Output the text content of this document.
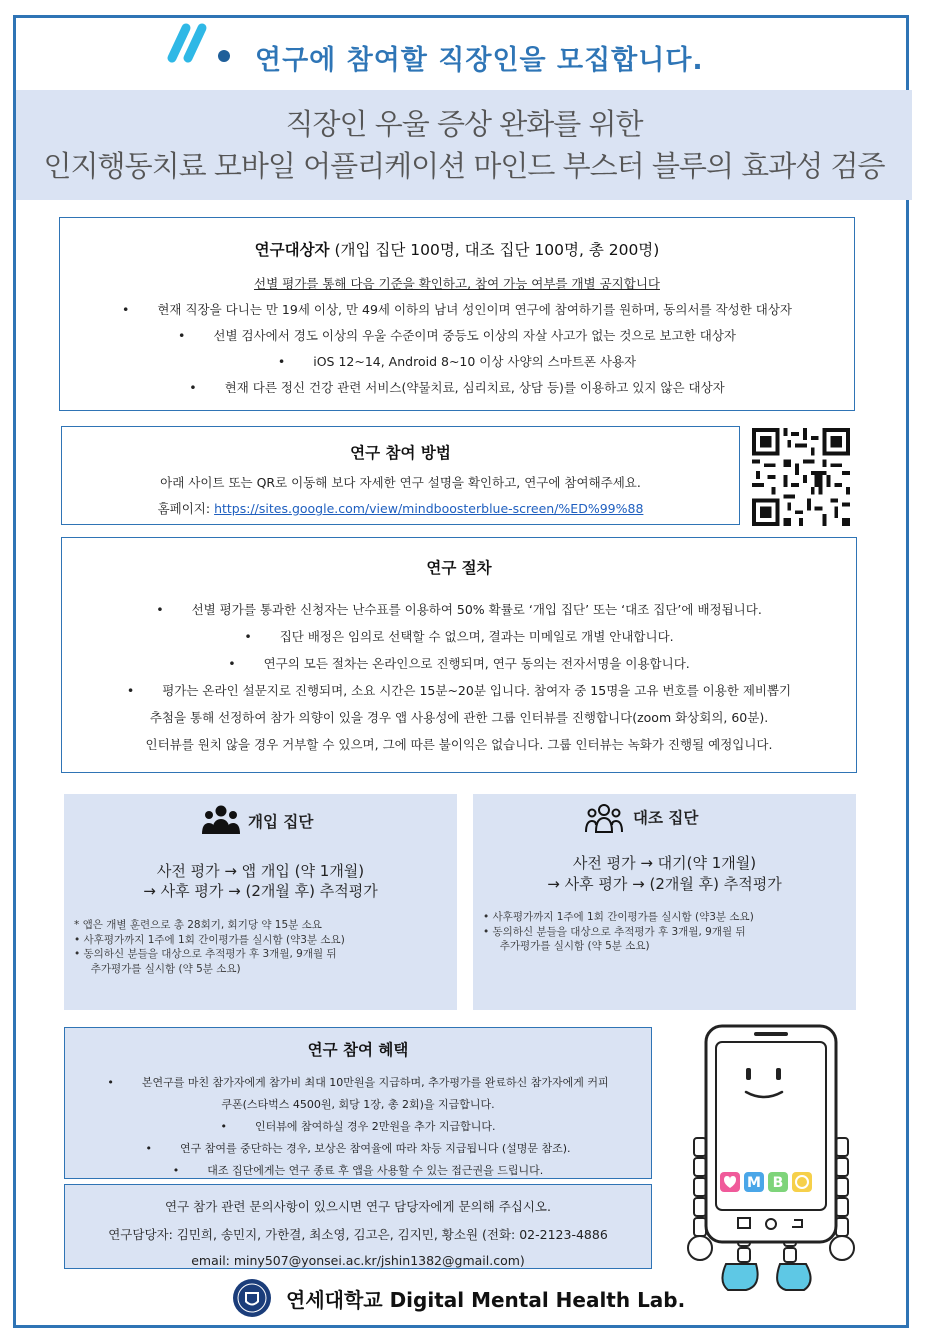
연구에 참여할 직장인을 모집합니다.
직장인 우울 증상 완화를 위한
인지행동치료 모바일 어플리케이션 마인드 부스터 블루의 효과성 검증
연구대상자 (개입 집단 100명, 대조 집단 100명, 총 200명)
선별 평가를 통해 다음 기준을 확인하고, 참여 가능 여부를 개별 공지합니다
• 현재 직장을 다니는 만 19세 이상, 만 49세 이하의 남녀 성인이며 연구에 참여하기를 원하며, 동의서를 작성한 대상자
• 선별 검사에서 경도 이상의 우울 수준이며 중등도 이상의 자살 사고가 없는 것으로 보고한 대상자
• iOS 12~14, Android 8~10 이상 사양의 스마트폰 사용자
• 현재 다른 정신 건강 관련 서비스(약물치료, 심리치료, 상담 등)를 이용하고 있지 않은 대상자
연구 참여 방법
아래 사이트 또는 QR로 이동해 보다 자세한 연구 설명을 확인하고, 연구에 참여해주세요.
홈페이지: https://sites.google.com/view/mindboosterblue-screen/%ED%99%88
연구 절차
• 선별 평가를 통과한 신청자는 난수표를 이용하여 50% 확률로 ‘개입 집단’ 또는 ‘대조 집단’에 배정됩니다.
• 집단 배정은 임의로 선택할 수 없으며, 결과는 미메일로 개별 안내합니다.
• 연구의 모든 절차는 온라인으로 진행되며, 연구 동의는 전자서명을 이용합니다.
• 평가는 온라인 설문지로 진행되며, 소요 시간은 15분~20분 입니다. 참여자 중 15명을 고유 번호를 이용한 제비뽑기
추첨을 통해 선정하여 참가 의향이 있을 경우 앱 사용성에 관한 그룹 인터뷰를 진행합니다(zoom 화상회의, 60분).
인터뷰를 원치 않을 경우 거부할 수 있으며, 그에 따른 불이익은 없습니다. 그룹 인터뷰는 녹화가 진행될 예정입니다.
개입 집단
사전 평가 → 앱 개입 (약 1개월)
→ 사후 평가 → (2개월 후) 추적평가
* 앱은 개별 훈련으로 총 28회기, 회기당 약 15분 소요
• 사후평가까지 1주에 1회 간이평가를 실시함 (약3분 소요)
• 동의하신 분들을 대상으로 추적평가 후 3개월, 9개월 뒤
추가평가를 실시함 (약 5분 소요)
대조 집단
사전 평가 → 대기(약 1개월)
→ 사후 평가 → (2개월 후) 추적평가
• 사후평가까지 1주에 1회 간이평가를 실시함 (약3분 소요)
• 동의하신 분들을 대상으로 추적평가 후 3개월, 9개월 뒤
추가평가를 실시함 (약 5분 소요)
연구 참여 혜택
• 본연구를 마친 참가자에게 참가비 최대 10만원을 지급하며, 추가평가를 완료하신 참가자에게 커피
쿠폰(스타벅스 4500원, 회당 1장, 총 2회)을 지급합니다.
• 인터뷰에 참여하실 경우 2만원을 추가 지급합니다.
• 연구 참여를 중단하는 경우, 보상은 참여율에 따라 차등 지급됩니다 (설명문 참조).
• 대조 집단에게는 연구 종료 후 앱을 사용할 수 있는 접근권을 드립니다.
연구 참가 관련 문의사항이 있으시면 연구 담당자에게 문의해 주십시오.
연구담당자: 김민희, 송민지, 가한결, 최소영, 김고은, 김지민, 황소원 (전화: 02-2123-4886
email: miny507@yonsei.ac.kr/jshin1382@gmail.com)
M B
연세대학교 Digital Mental Health Lab.
